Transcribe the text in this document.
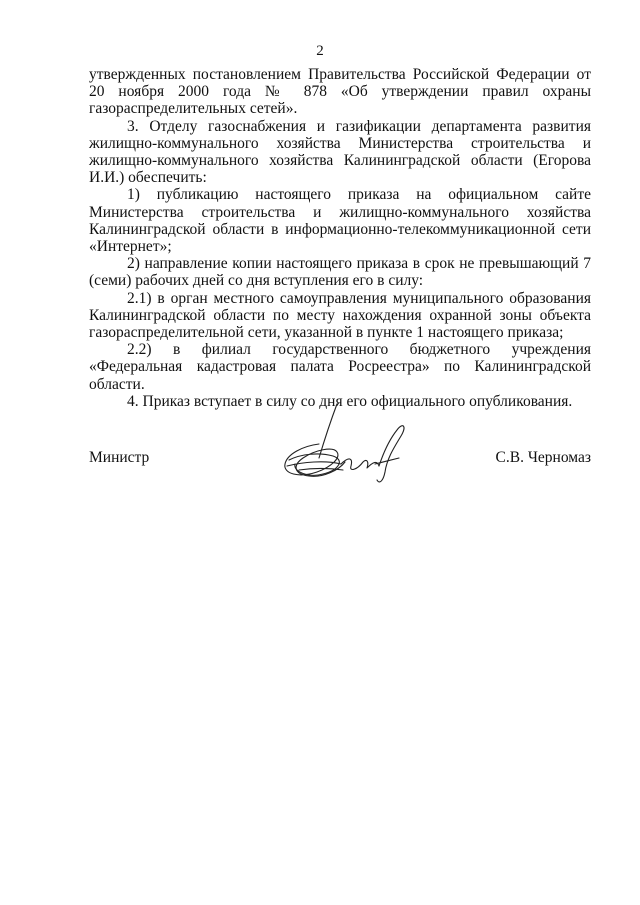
2

утвержденных постановлением Правительства Российской Федерации от 20 ноября 2000 года № 878 «Об утверждении правил охраны газораспределительных сетей».

3. Отделу газоснабжения и газификации департамента развития жилищно-коммунального хозяйства Министерства строительства и жилищно-коммунального хозяйства Калининградской области (Егорова И.И.) обеспечить:

1) публикацию настоящего приказа на официальном сайте Министерства строительства и жилищно-коммунального хозяйства Калининградской области в информационно-телекоммуникационной сети «Интернет»;

2) направление копии настоящего приказа в срок не превышающий 7 (семи) рабочих дней со дня вступления его в силу:

2.1) в орган местного самоуправления муниципального образования Калининградской области по месту нахождения охранной зоны объекта газораспределительной сети, указанной в пункте 1 настоящего приказа;

2.2) в филиал государственного бюджетного учреждения «Федеральная кадастровая палата Росреестра» по Калининградской области.

4. Приказ вступает в силу со дня его официального опубликования.

Министр	С.В. Черномаз
